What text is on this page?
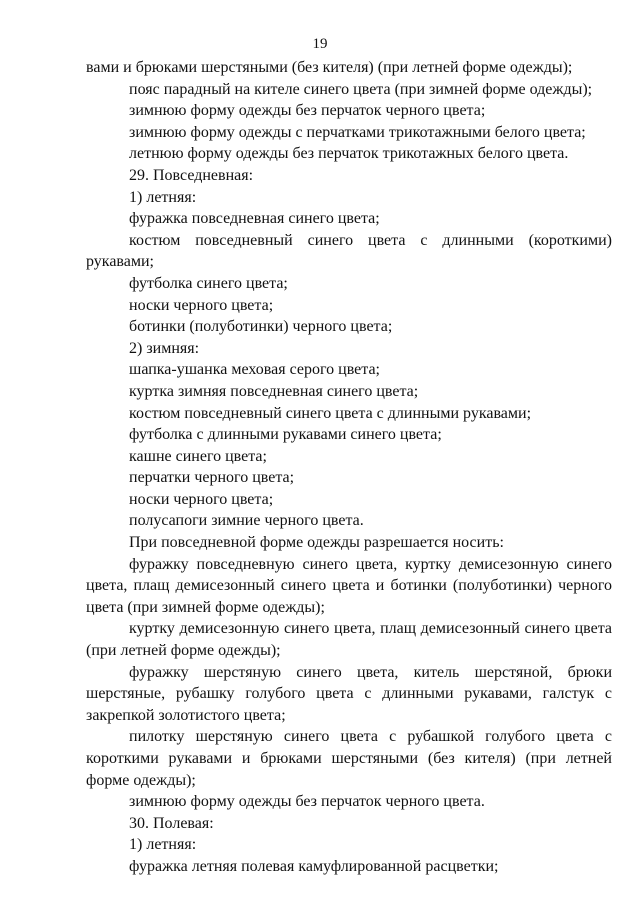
19

вами и брюками шерстяными (без кителя) (при летней форме одежды);

пояс парадный на кителе синего цвета (при зимней форме одежды);

зимнюю форму одежды без перчаток черного цвета;

зимнюю форму одежды с перчатками трикотажными белого цвета;

летнюю форму одежды без перчаток трикотажных белого цвета.

29. Повседневная:

1) летняя:

фуражка повседневная синего цвета;

костюм повседневный синего цвета с длинными (короткими) рукавами;

футболка синего цвета;

носки черного цвета;

ботинки (полуботинки) черного цвета;

2) зимняя:

шапка-ушанка меховая серого цвета;

куртка зимняя повседневная синего цвета;

костюм повседневный синего цвета с длинными рукавами;

футболка с длинными рукавами синего цвета;

кашне синего цвета;

перчатки черного цвета;

носки черного цвета;

полусапоги зимние черного цвета.

При повседневной форме одежды разрешается носить:

фуражку повседневную синего цвета, куртку демисезонную синего цвета, плащ демисезонный синего цвета и ботинки (полуботинки) черного цвета (при зимней форме одежды);

куртку демисезонную синего цвета, плащ демисезонный синего цвета (при летней форме одежды);

фуражку шерстяную синего цвета, китель шерстяной, брюки шерстяные, рубашку голубого цвета с длинными рукавами, галстук с закрепкой золотистого цвета;

пилотку шерстяную синего цвета с рубашкой голубого цвета с короткими рукавами и брюками шерстяными (без кителя) (при летней форме одежды);

зимнюю форму одежды без перчаток черного цвета.

30. Полевая:

1) летняя:

фуражка летняя полевая камуфлированной расцветки;
